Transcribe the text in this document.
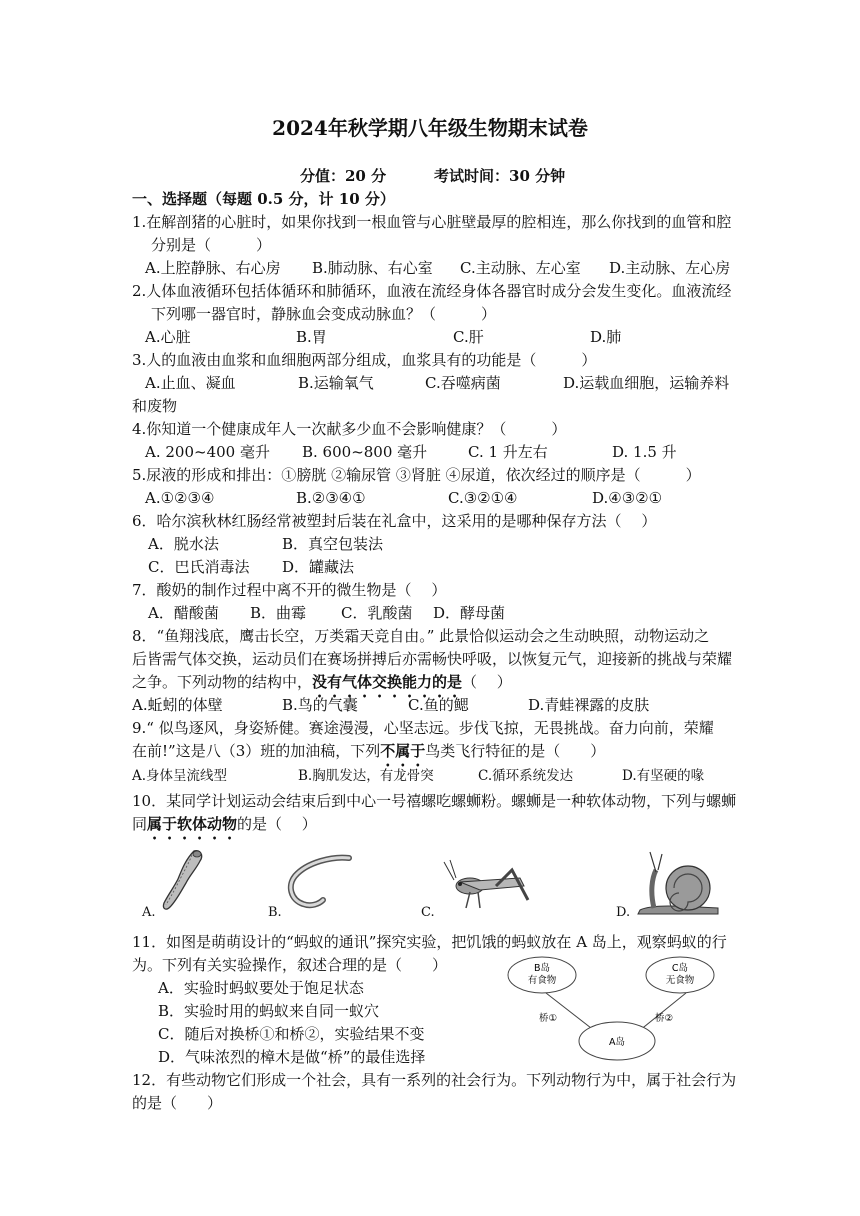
2024年秋学期八年级生物期末试卷
分值：20 分	考试时间：30 分钟
一、选择题（每题 0.5 分，计 10 分）
1.在解剖猪的心脏时，如果你找到一根血管与心脏壁最厚的腔相连，那么你找到的血管和腔
分别是（　　　）
A.上腔静脉、右心房 B.肺动脉、右心室 C.主动脉、左心室 D.主动脉、左心房
2.人体血液循环包括体循环和肺循环，血液在流经身体各器官时成分会发生变化。血液流经
下列哪一器官时，静脉血会变成动脉血？（　　　）
A.心脏	B.胃	C.肝	D.肺
3.人的血液由血浆和血细胞两部分组成，血浆具有的功能是（　　　）
A.止血、凝血	B.运输氧气	C.吞噬病菌	D.运载血细胞，运输养料
和废物
4.你知道一个健康成年人一次献多少血不会影响健康？（　　　）
A. 200~400 毫升 B. 600~800 毫升	C. 1 升左右	D. 1.5 升
5.尿液的形成和排出：①膀胱 ②输尿管 ③肾脏 ④尿道，依次经过的顺序是（　　　）
A.①②③④	B.②③④①	C.③②①④	D.④③②①
6．哈尔滨秋林红肠经常被塑封后装在礼盒中，这采用的是哪种保存方法（　 ）
A．脱水法	B．真空包装法
C．巴氏消毒法 D．罐藏法
7．酸奶的制作过程中离不开的微生物是（　 ）
A．醋酸菌 B．曲霉 C．乳酸菌 D．酵母菌
8．“鱼翔浅底，鹰击长空，万类霜天竞自由。” 此景恰似运动会之生动映照，动物运动之
后皆需气体交换，运动员们在赛场拼搏后亦需畅快呼吸，以恢复元气，迎接新的挑战与荣耀
之争。下列动物的结构中，没有气体交换能力的是（　 ）
A.蚯蚓的体壁	B.鸟的气囊	C.鱼的鳃	D.青蛙裸露的皮肤
9.“ 似鸟逐风，身姿矫健。赛途漫漫，心坚志远。步伐飞掠，无畏挑战。奋力向前，荣耀
在前!”这是八（3）班的加油稿，下列不属于鸟类飞行特征的是（　　）
A.身体呈流线型	B.胸肌发达，有龙骨突	C.循环系统发达	D.有坚硬的喙
10．某同学计划运动会结束后到中心一号禧螺吃螺蛳粉。螺蛳是一种软体动物，下列与螺蛳
同属于软体动物的是（　 ）
A.	B.	C.	D.
11．如图是萌萌设计的“蚂蚁的通讯”探究实验，把饥饿的蚂蚁放在 A 岛上，观察蚂蚁的行
为。下列有关实验操作，叙述合理的是（　　）
A．实验时蚂蚁要处于饱足状态
B．实验时用的蚂蚁来自同一蚁穴
C．随后对换桥①和桥②，实验结果不变
D．气味浓烈的樟木是做“桥”的最佳选择
B岛
有食物
C岛
无食物
A岛
桥①	桥②
12．有些动物它们形成一个社会，具有一系列的社会行为。下列动物行为中，属于社会行为
的是（　　）
